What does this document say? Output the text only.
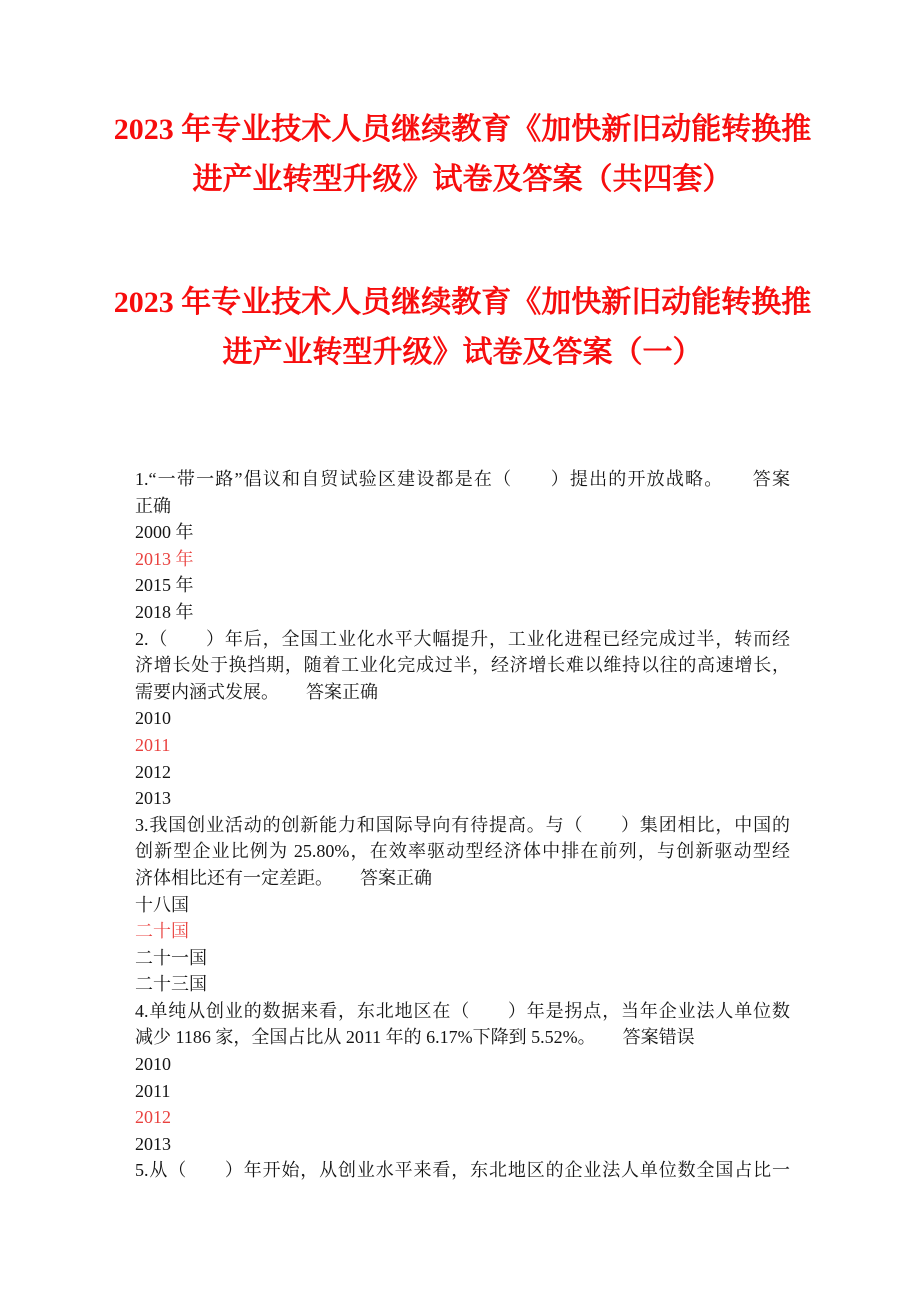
2023 年专业技术人员继续教育《加快新旧动能转换推
进产业转型升级》试卷及答案（共四套）
2023 年专业技术人员继续教育《加快新旧动能转换推
进产业转型升级》试卷及答案（一）
1.“一带一路”倡议和自贸试验区建设都是在（　　）提出的开放战略。　　答案
正确
2000 年
2013 年
2015 年
2018 年
2.（　　）年后，全国工业化水平大幅提升，工业化进程已经完成过半，转而经
济增长处于换挡期，随着工业化完成过半，经济增长难以维持以往的高速增长，
需要内涵式发展。　　答案正确
2010
2011
2012
2013
3.我国创业活动的创新能力和国际导向有待提高。与（　　）集团相比，中国的
创新型企业比例为 25.80%，在效率驱动型经济体中排在前列，与创新驱动型经
济体相比还有一定差距。　　答案正确
十八国
二十国
二十一国
二十三国
4.单纯从创业的数据来看，东北地区在（　　）年是拐点，当年企业法人单位数
减少 1186 家，全国占比从 2011 年的 6.17%下降到 5.52%。　　答案错误
2010
2011
2012
2013
5.从（　　）年开始，从创业水平来看，东北地区的企业法人单位数全国占比一
